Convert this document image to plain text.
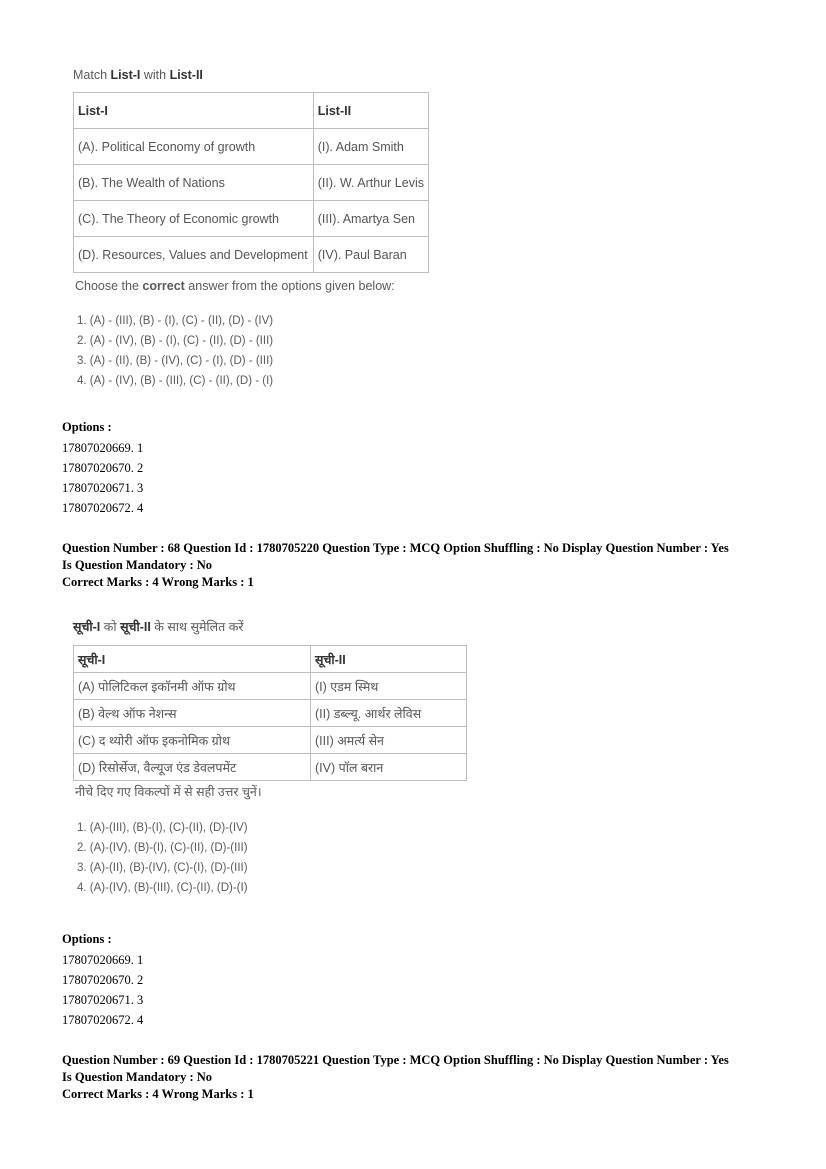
Match List-I with List-II
List-I	List-II
(A). Political Economy of growth	(I). Adam Smith
(B). The Wealth of Nations	(II). W. Arthur Levis
(C). The Theory of Economic growth	(III). Amartya Sen
(D). Resources, Values and Development	(IV). Paul Baran
Choose the correct answer from the options given below:
1. (A) - (III), (B) - (I), (C) - (II), (D) - (IV)
2. (A) - (IV), (B) - (I), (C) - (II), (D) - (III)
3. (A) - (II), (B) - (IV), (C) - (I), (D) - (III)
4. (A) - (IV), (B) - (III), (C) - (II), (D) - (I)
Options :
17807020669. 1
17807020670. 2
17807020671. 3
17807020672. 4
Question Number : 68 Question Id : 1780705220 Question Type : MCQ Option Shuffling : No Display Question Number : Yes
Is Question Mandatory : No
Correct Marks : 4 Wrong Marks : 1
सूची-I को सूची-II के साथ सुमेलित करें
सूची-I	सूची-II
(A) पोलिटिकल इकॉनमी ऑफ ग्रोथ	(I) एडम स्मिथ
(B) वेल्थ ऑफ नेशन्स	(II) डब्ल्यू. आर्थर लेविस
(C) द थ्योरी ऑफ इकनोमिक ग्रोथ	(III) अमर्त्य सेन
(D) रिसोर्सेज, वैल्यूज एंड डेवलपमेंट	(IV) पॉल बरान
नीचे दिए गए विकल्पों में से सही उत्तर चुनें।
1. (A)-(III), (B)-(I), (C)-(II), (D)-(IV)
2. (A)-(IV), (B)-(I), (C)-(II), (D)-(III)
3. (A)-(II), (B)-(IV), (C)-(I), (D)-(III)
4. (A)-(IV), (B)-(III), (C)-(II), (D)-(I)
Options :
17807020669. 1
17807020670. 2
17807020671. 3
17807020672. 4
Question Number : 69 Question Id : 1780705221 Question Type : MCQ Option Shuffling : No Display Question Number : Yes
Is Question Mandatory : No
Correct Marks : 4 Wrong Marks : 1
